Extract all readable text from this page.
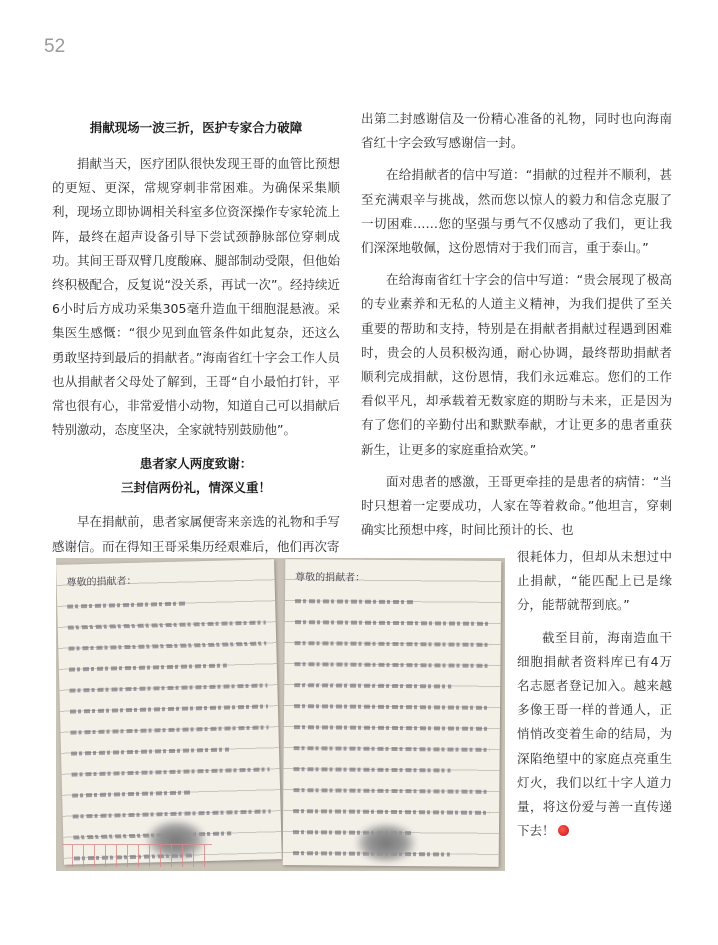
52
捐献现场一波三折，医护专家合力破障

捐献当天，医疗团队很快发现王哥的血管比预想的更短、更深，常规穿刺非常困难。为确保采集顺利，现场立即协调相关科室多位资深操作专家轮流上阵，最终在超声设备引导下尝试颈静脉部位穿刺成功。其间王哥双臂几度酸麻、腿部制动受限，但他始终积极配合，反复说“没关系，再试一次”。经持续近6小时后方成功采集305毫升造血干细胞混悬液。采集医生感慨：“很少见到血管条件如此复杂，还这么勇敢坚持到最后的捐献者。”海南省红十字会工作人员也从捐献者父母处了解到，王哥“自小最怕打针，平常也很有心，非常爱惜小动物，知道自己可以捐献后特别激动，态度坚决，全家就特别鼓励他”。

患者家人两度致谢：
三封信两份礼，情深义重！

早在捐献前，患者家属便寄来亲选的礼物和手写感谢信。而在得知王哥采集历经艰难后，他们再次寄

出第二封感谢信及一份精心准备的礼物，同时也向海南省红十字会致写感谢信一封。

在给捐献者的信中写道：“捐献的过程并不顺利，甚至充满艰辛与挑战，然而您以惊人的毅力和信念克服了一切困难……您的坚强与勇气不仅感动了我们，更让我们深深地敬佩，这份恩情对于我们而言，重于泰山。”

在给海南省红十字会的信中写道：“贵会展现了极高的专业素养和无私的人道主义精神，为我们提供了至关重要的帮助和支持，特别是在捐献者捐献过程遇到困难时，贵会的人员积极沟通，耐心协调，最终帮助捐献者顺利完成捐献，这份恩情，我们永远难忘。您们的工作看似平凡，却承载着无数家庭的期盼与未来，正是因为有了您们的辛勤付出和默默奉献，才让更多的患者重获新生，让更多的家庭重拾欢笑。”

面对患者的感激，王哥更牵挂的是患者的病情：“当时只想着一定要成功，人家在等着救命。”他坦言，穿刺确实比预想中疼，时间比预计的长、也

尊敬的捐献者：	尊敬的捐献者：

很耗体力，但却从未想过中止捐献，“能匹配上已是缘分，能帮就帮到底。”

截至目前，海南造血干细胞捐献者资料库已有4万名志愿者登记加入。越来越多像王哥一样的普通人，正悄悄改变着生命的结局，为深陷绝望中的家庭点亮重生灯火，我们以红十字人道力量，将这份爱与善一直传递下去！
